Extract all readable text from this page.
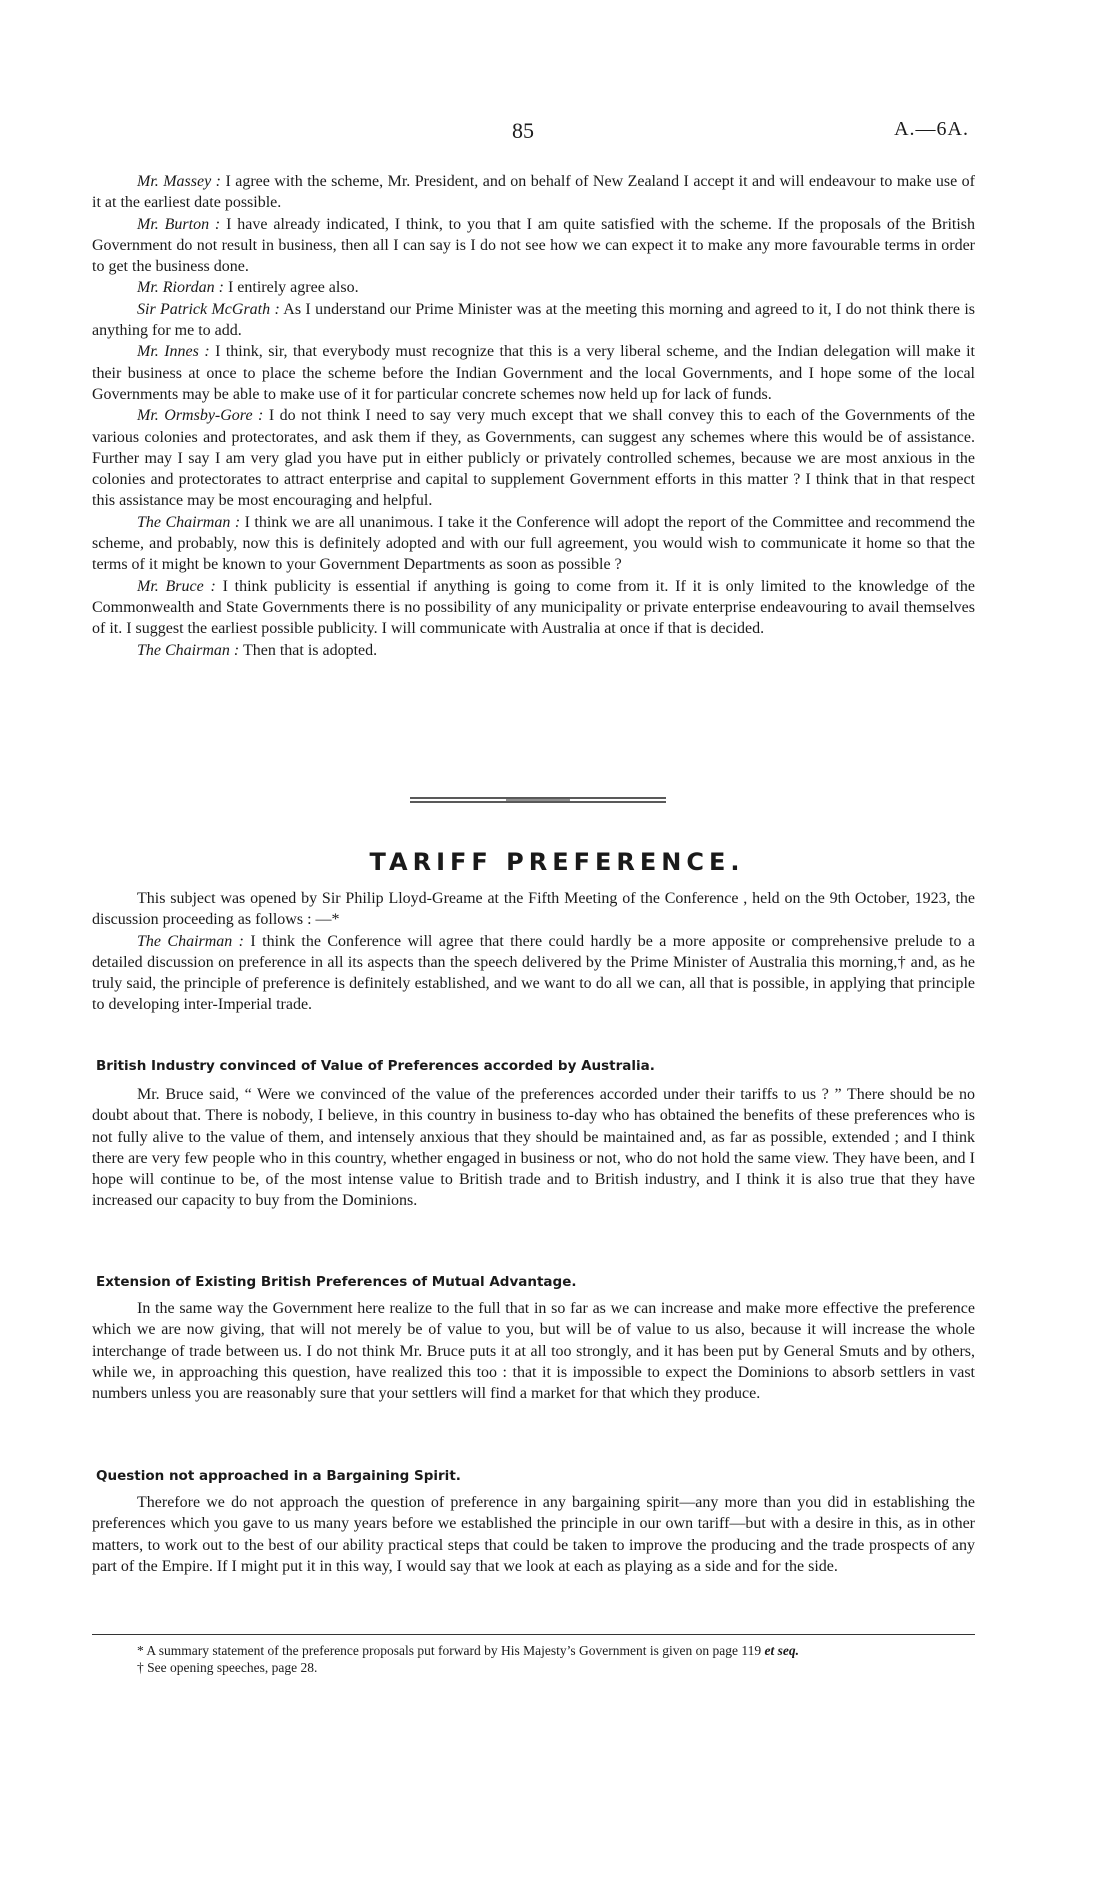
85	A.—6A.

Mr. Massey : I agree with the scheme, Mr. President, and on behalf of New Zealand I accept it and will endeavour to make use of it at the earliest date possible.

Mr. Burton : I have already indicated, I think, to you that I am quite satisfied with the scheme. If the proposals of the British Government do not result in business, then all I can say is I do not see how we can expect it to make any more favourable terms in order to get the business done.

Mr. Riordan : I entirely agree also.

Sir Patrick McGrath : As I understand our Prime Minister was at the meeting this morning and agreed to it, I do not think there is anything for me to add.

Mr. Innes : I think, sir, that everybody must recognize that this is a very liberal scheme, and the Indian delegation will make it their business at once to place the scheme before the Indian Government and the local Governments, and I hope some of the local Governments may be able to make use of it for particular concrete schemes now held up for lack of funds.

Mr. Ormsby-Gore : I do not think I need to say very much except that we shall convey this to each of the Governments of the various colonies and protectorates, and ask them if they, as Governments, can suggest any schemes where this would be of assistance. Further may I say I am very glad you have put in either publicly or privately controlled schemes, because we are most anxious in the colonies and protectorates to attract enterprise and capital to supplement Government efforts in this matter ? I think that in that respect this assistance may be most encouraging and helpful.

The Chairman : I think we are all unanimous. I take it the Conference will adopt the report of the Committee and recommend the scheme, and probably, now this is definitely adopted and with our full agreement, you would wish to communicate it home so that the terms of it might be known to your Government Departments as soon as possible ?

Mr. Bruce : I think publicity is essential if anything is going to come from it. If it is only limited to the knowledge of the Commonwealth and State Governments there is no possibility of any municipality or private enterprise endeavouring to avail themselves of it. I suggest the earliest possible publicity. I will communicate with Australia at once if that is decided.

The Chairman : Then that is adopted.

TARIFF PREFERENCE.

This subject was opened by Sir Philip Lloyd-Greame at the Fifth Meeting of the Conference , held on the 9th October, 1923, the discussion proceeding as follows : —*

The Chairman : I think the Conference will agree that there could hardly be a more apposite or comprehensive prelude to a detailed discussion on preference in all its aspects than the speech delivered by the Prime Minister of Australia this morning,† and, as he truly said, the principle of preference is definitely established, and we want to do all we can, all that is possible, in applying that principle to developing inter-Imperial trade.

British Industry convinced of Value of Preferences accorded by Australia.

Mr. Bruce said, “ Were we convinced of the value of the preferences accorded under their tariffs to us ? ” There should be no doubt about that. There is nobody, I believe, in this country in business to-day who has obtained the benefits of these preferences who is not fully alive to the value of them, and intensely anxious that they should be maintained and, as far as possible, extended ; and I think there are very few people who in this country, whether engaged in business or not, who do not hold the same view. They have been, and I hope will continue to be, of the most intense value to British trade and to British industry, and I think it is also true that they have increased our capacity to buy from the Dominions.

Extension of Existing British Preferences of Mutual Advantage.

In the same way the Government here realize to the full that in so far as we can increase and make more effective the preference which we are now giving, that will not merely be of value to you, but will be of value to us also, because it will increase the whole interchange of trade between us. I do not think Mr. Bruce puts it at all too strongly, and it has been put by General Smuts and by others, while we, in approaching this question, have realized this too : that it is impossible to expect the Dominions to absorb settlers in vast numbers unless you are reasonably sure that your settlers will find a market for that which they produce.

Question not approached in a Bargaining Spirit.

Therefore we do not approach the question of preference in any bargaining spirit—any more than you did in establishing the preferences which you gave to us many years before we established the principle in our own tariff—but with a desire in this, as in other matters, to work out to the best of our ability practical steps that could be taken to improve the producing and the trade prospects of any part of the Empire. If I might put it in this way, I would say that we look at each as playing as a side and for the side.

* A summary statement of the preference proposals put forward by His Majesty’s Government is given on page 119 et seq.

† See opening speeches, page 28.
